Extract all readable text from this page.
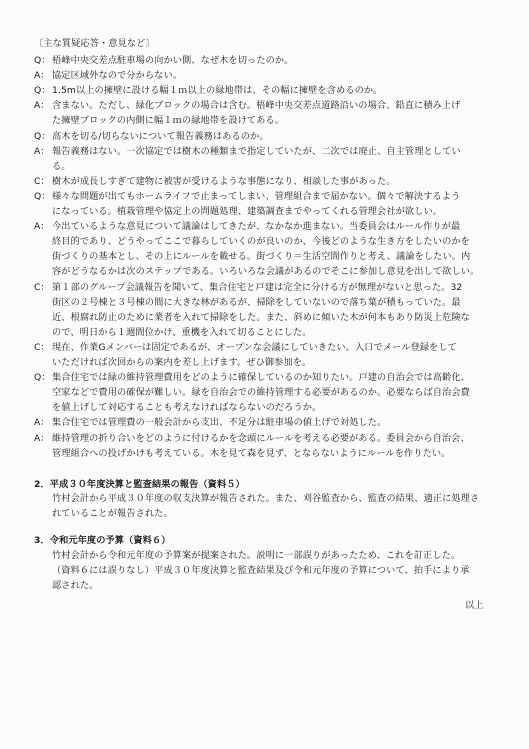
〔主な質疑応答・意見など〕
Q： 梧峰中央交差点駐車場の向かい側、なぜ木を切ったのか。
A： 協定区域外なので分からない。
Q： 1.5m以上の擁壁に設ける幅１ｍ以上の緑地帯は、その幅に擁壁を含めるのか。
A： 含まない。ただし、緑化ブロックの場合は含む。梧峰中央交差点道路沿いの場合、鉛直に積み上げ
た擁壁ブロックの内側に幅１ｍの緑地帯を設けてある。
Q： 高木を切る/切らないについて報告義務はあるのか。
A： 報告義務はない。一次協定では樹木の種類まで指定していたが、二次では廃止、自主管理としてい
る。
C： 樹木が成長しすぎて建物に被害が受けるような事態になり、相談した事があった。
Q： 様々な問題が出てもホームライフで止まってしまい、管理組合まで届かない。個々で解決するよう
になっている。植栽管理や協定上の問題処理、建築調査までやってくれる管理会社が欲しい。
A： 今出ているような意見について議論はしてきたが、なかなか進まない。当委員会はルール作りが最
終目的であり、どうやってここで暮らしていくのが良いのか、今後どのような生き方をしたいのかを
街づくりの基本とし、その上にルールを載せる。街づくり＝生活空間作りと考え、議論をしたい。内
容がどうなるかは次のステップである。いろいろな会議があるのでそこに参加し意見を出して欲しい。
C： 第１部のグループ会議報告を聞いて、集合住宅と戸建は完全に分ける方が無理がないと思った。32
街区の２号棟と３号棟の間に大きな林があるが、掃除をしていないので落ち葉が積もっていた。最
近、根腐れ防止のために業者を入れて掃除をした。また、斜めに傾いた木が何本もあり防災上危険な
ので、明日から１週間位かけ、重機を入れて切ることにした。
C： 現在、作業Gメンバーは固定であるが、オープンな会議にしていきたい。入口でメール登録をして
いただければ次回からの案内を差し上げます。ぜひ御参加を。
Q： 集合住宅では緑の維持管理費用をどのように確保しているのか知りたい。戸建の自治会では高齢化、
空家などで費用の確保が難しい。緑を自治会での維持管理する必要があるのか。必要ならば自治会費
を値上げして対応することも考えなければならないのだろうか。
A： 集合住宅では管理費の一般会計から支出、不足分は駐車場の値上げで対処した。
A： 維持管理の折り合いをどのように付けるかを念頭にルールを考える必要がある。委員会から自治会、
管理組合への投げかけも考えている。木を見て森を見ず、とならないようにルールを作りたい。
2．平成３０年度決算と監査結果の報告（資料５）
竹村会計から平成３０年度の収支決算が報告された。また、刈谷監査から、監査の結果、適正に処理さ
れていることが報告された。
3．令和元年度の予算（資料６）
竹村会計から令和元年度の予算案が提案された。説明に一部誤りがあったため、これを訂正した。
（資料６には誤りなし）平成３０年度決算と監査結果及び令和元年度の予算について、拍手により承
認された。
以上
